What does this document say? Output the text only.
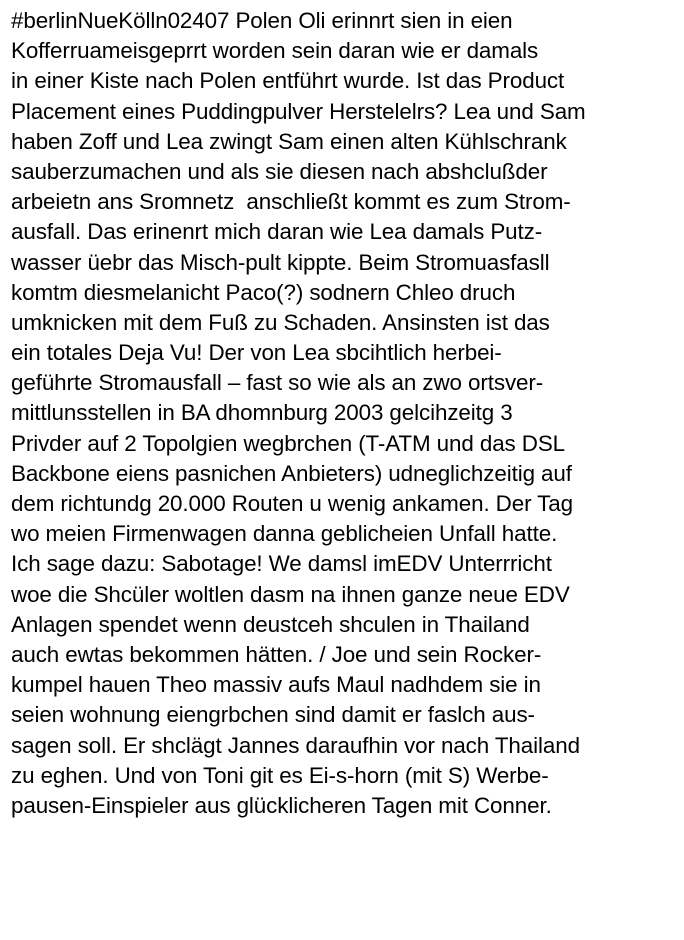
#berlinNueKölln02407 Polen Oli erinnrt sien in eien
Kofferruameisgeprrt worden sein daran wie er damals
in einer Kiste nach Polen entführt wurde. Ist das Product
Placement eines Puddingpulver Herstelelrs? Lea und Sam
haben Zoff und Lea zwingt Sam einen alten Kühlschrank
sauberzumachen und als sie diesen nach abshclußder
arbeietn ans Sromnetz  anschließt kommt es zum Strom-
ausfall. Das erinenrt mich daran wie Lea damals Putz-
wasser üebr das Misch-pult kippte. Beim Stromuasfasll
komtm diesmelanicht Paco(?) sodnern Chleo druch
umknicken mit dem Fuß zu Schaden. Ansinsten ist das
ein totales Deja Vu! Der von Lea sbcihtlich herbei-
geführte Stromausfall – fast so wie als an zwo ortsver-
mittlunsstellen in BA dhomnburg 2003 gelcihzeitg 3
Privder auf 2 Topolgien wegbrchen (T-ATM und das DSL
Backbone eiens pasnichen Anbieters) udneglichzeitig auf
dem richtundg 20.000 Routen u wenig ankamen. Der Tag
wo meien Firmenwagen danna geblicheien Unfall hatte.
Ich sage dazu: Sabotage! We damsl imEDV Unterrricht
woe die Shcüler woltlen dasm na ihnen ganze neue EDV
Anlagen spendet wenn deustceh shculen in Thailand
auch ewtas bekommen hätten. / Joe und sein Rocker-
kumpel hauen Theo massiv aufs Maul nadhdem sie in
seien wohnung eiengrbchen sind damit er faslch aus-
sagen soll. Er shclägt Jannes daraufhin vor nach Thailand
zu eghen. Und von Toni git es Ei-s-horn (mit S) Werbe-
pausen-Einspieler aus glücklicheren Tagen mit Conner.
